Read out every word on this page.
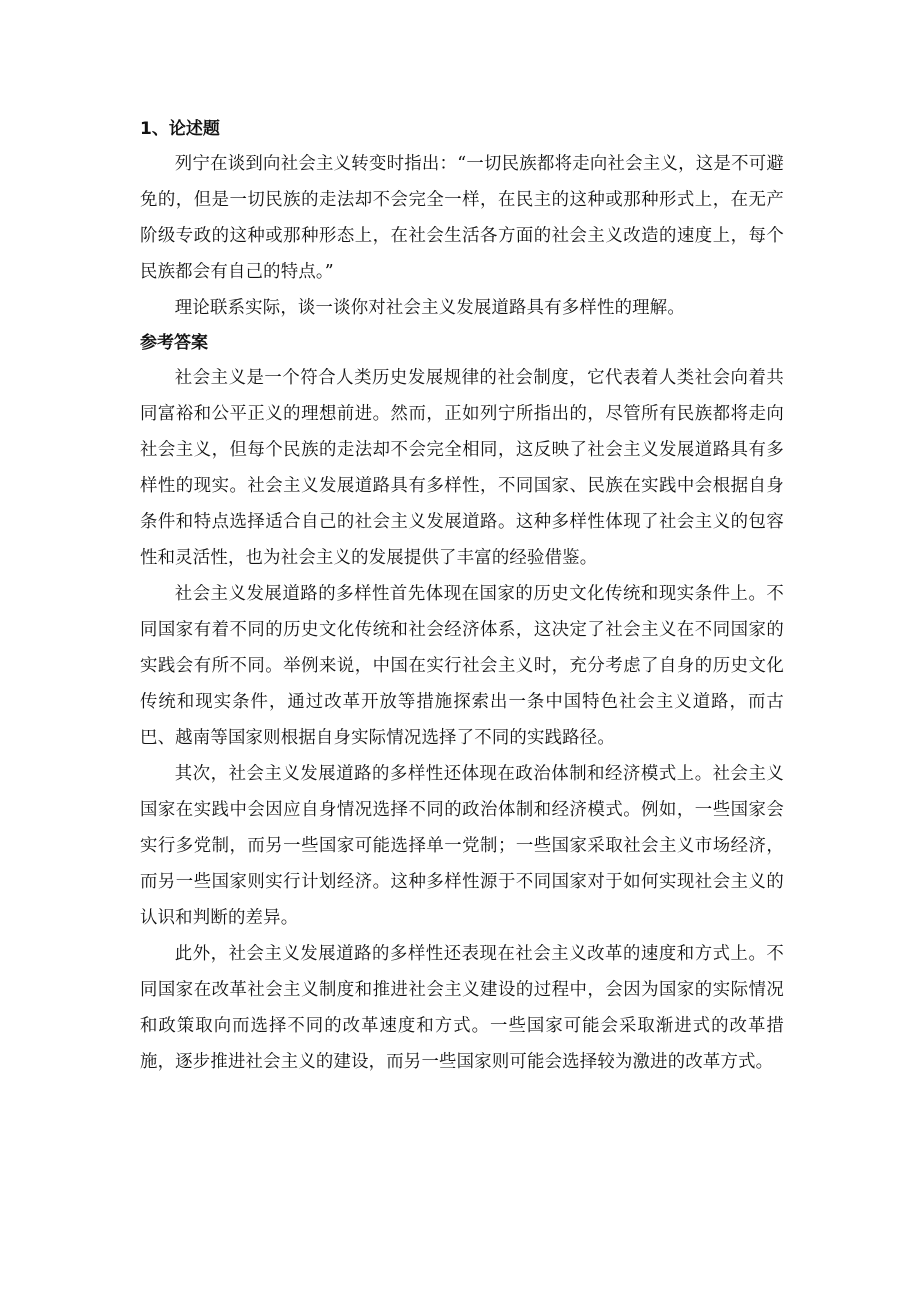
1、论述题

列宁在谈到向社会主义转变时指出：“一切民族都将走向社会主义，这是不可避免的，但是一切民族的走法却不会完全一样，在民主的这种或那种形式上，在无产阶级专政的这种或那种形态上，在社会生活各方面的社会主义改造的速度上，每个民族都会有自己的特点。”

理论联系实际，谈一谈你对社会主义发展道路具有多样性的理解。

参考答案

社会主义是一个符合人类历史发展规律的社会制度，它代表着人类社会向着共同富裕和公平正义的理想前进。然而，正如列宁所指出的，尽管所有民族都将走向社会主义，但每个民族的走法却不会完全相同，这反映了社会主义发展道路具有多样性的现实。社会主义发展道路具有多样性，不同国家、民族在实践中会根据自身条件和特点选择适合自己的社会主义发展道路。这种多样性体现了社会主义的包容性和灵活性，也为社会主义的发展提供了丰富的经验借鉴。

社会主义发展道路的多样性首先体现在国家的历史文化传统和现实条件上。不同国家有着不同的历史文化传统和社会经济体系，这决定了社会主义在不同国家的实践会有所不同。举例来说，中国在实行社会主义时，充分考虑了自身的历史文化传统和现实条件，通过改革开放等措施探索出一条中国特色社会主义道路，而古巴、越南等国家则根据自身实际情况选择了不同的实践路径。

其次，社会主义发展道路的多样性还体现在政治体制和经济模式上。社会主义国家在实践中会因应自身情况选择不同的政治体制和经济模式。例如，一些国家会实行多党制，而另一些国家可能选择单一党制；一些国家采取社会主义市场经济，而另一些国家则实行计划经济。这种多样性源于不同国家对于如何实现社会主义的认识和判断的差异。

此外，社会主义发展道路的多样性还表现在社会主义改革的速度和方式上。不同国家在改革社会主义制度和推进社会主义建设的过程中，会因为国家的实际情况和政策取向而选择不同的改革速度和方式。一些国家可能会采取渐进式的改革措施，逐步推进社会主义的建设，而另一些国家则可能会选择较为激进的改革方式。
